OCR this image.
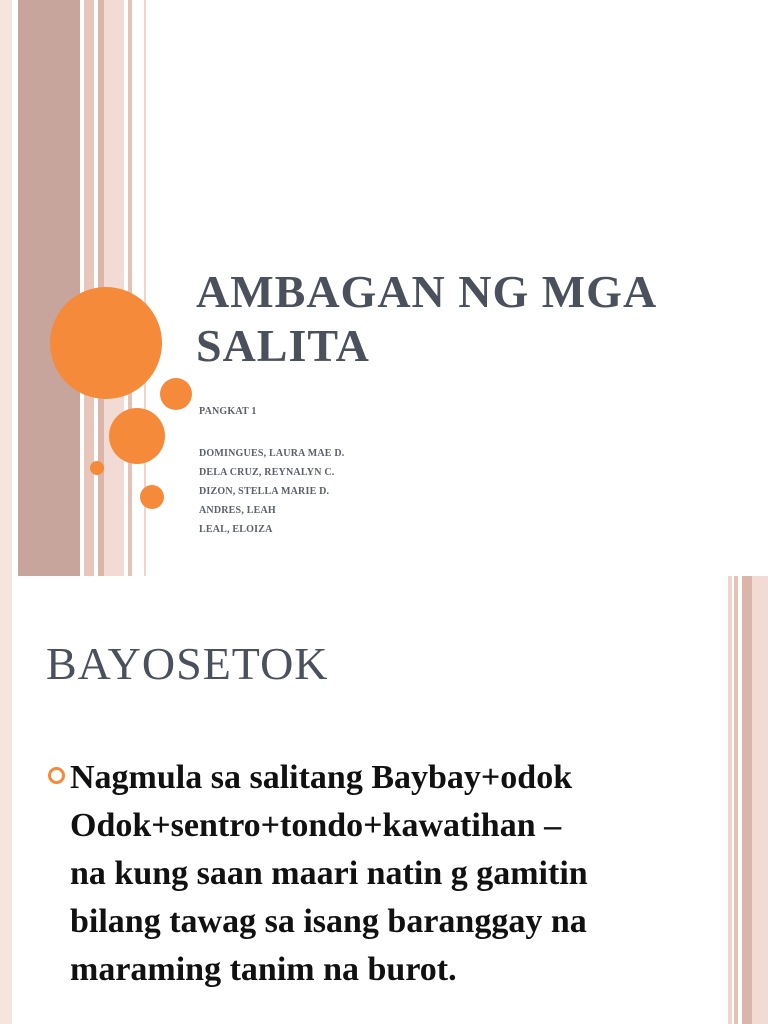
AMBAGAN NG MGA
SALITA
PANGKAT 1
DOMINGUES, LAURA MAE D.
DELA CRUZ, REYNALYN C.
DIZON, STELLA MARIE D.
ANDRES, LEAH
LEAL, ELOIZA
BAYOSETOK

Nagmula sa salitang Baybay+odok
Odok+sentro+tondo+kawatihan –
na kung saan maari natin g gamitin
bilang tawag sa isang baranggay na
maraming tanim na burot.
